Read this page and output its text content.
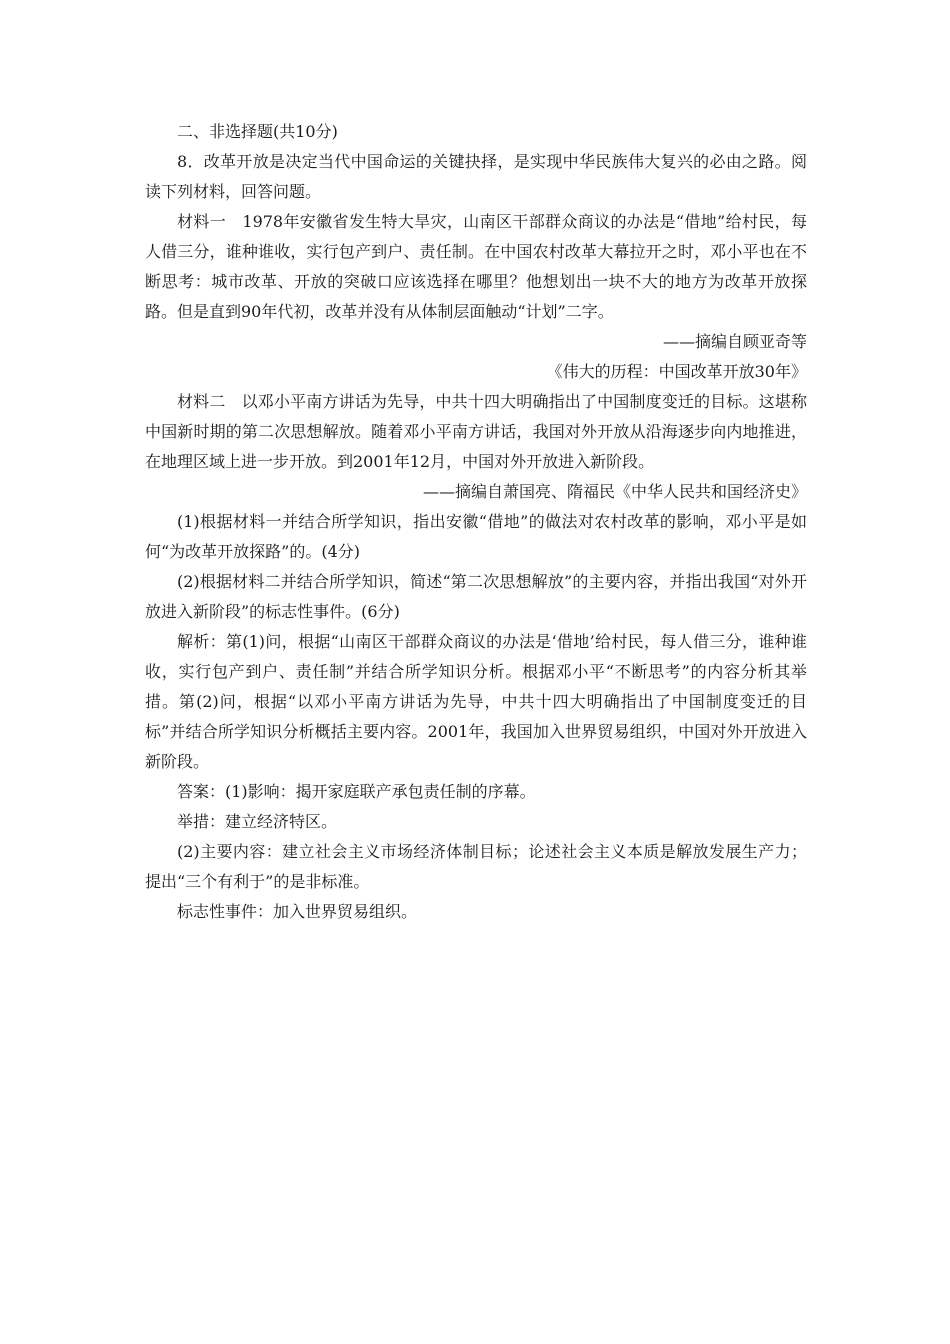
二、非选择题(共10分)

8．改革开放是决定当代中国命运的关键抉择，是实现中华民族伟大复兴的必由之路。阅读下列材料，回答问题。

材料一　1978年安徽省发生特大旱灾，山南区干部群众商议的办法是“借地”给村民，每人借三分，谁种谁收，实行包产到户、责任制。在中国农村改革大幕拉开之时，邓小平也在不断思考：城市改革、开放的突破口应该选择在哪里？他想划出一块不大的地方为改革开放探路。但是直到90年代初，改革并没有从体制层面触动“计划”二字。

——摘编自顾亚奇等

《伟大的历程：中国改革开放30年》

材料二　以邓小平南方讲话为先导，中共十四大明确指出了中国制度变迁的目标。这堪称中国新时期的第二次思想解放。随着邓小平南方讲话，我国对外开放从沿海逐步向内地推进，在地理区域上进一步开放。到2001年12月，中国对外开放进入新阶段。

——摘编自萧国亮、隋福民《中华人民共和国经济史》

(1)根据材料一并结合所学知识，指出安徽“借地”的做法对农村改革的影响，邓小平是如何“为改革开放探路”的。(4分)

(2)根据材料二并结合所学知识，简述“第二次思想解放”的主要内容，并指出我国“对外开放进入新阶段”的标志性事件。(6分)

解析：第(1)问，根据“山南区干部群众商议的办法是‘借地’给村民，每人借三分，谁种谁收，实行包产到户、责任制”并结合所学知识分析。根据邓小平“不断思考”的内容分析其举措。第(2)问，根据“以邓小平南方讲话为先导，中共十四大明确指出了中国制度变迁的目标”并结合所学知识分析概括主要内容。2001年，我国加入世界贸易组织，中国对外开放进入新阶段。

答案：(1)影响：揭开家庭联产承包责任制的序幕。

举措：建立经济特区。

(2)主要内容：建立社会主义市场经济体制目标；论述社会主义本质是解放发展生产力；提出“三个有利于”的是非标准。

标志性事件：加入世界贸易组织。
